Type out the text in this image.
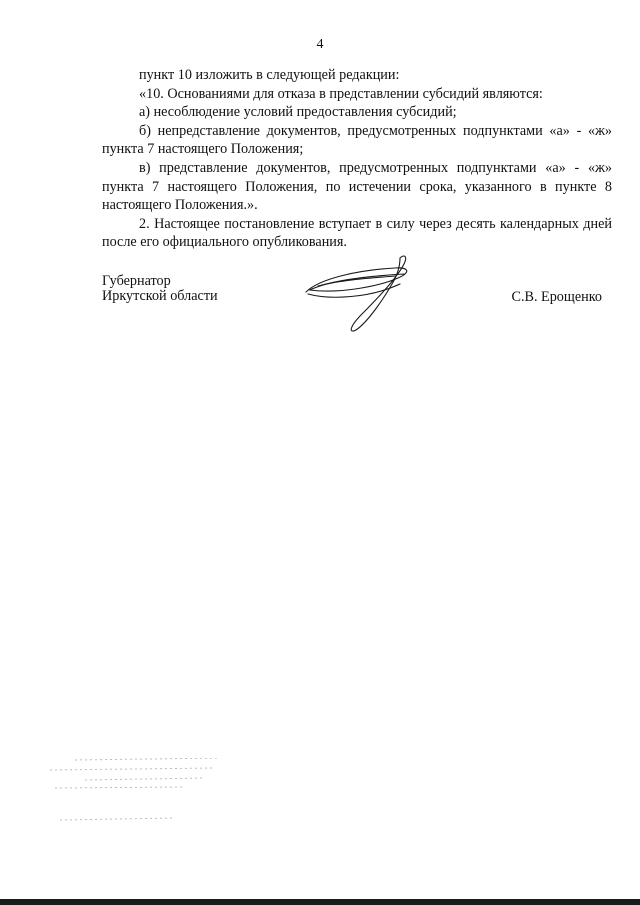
4

пункт 10 изложить в следующей редакции:

«10. Основаниями для отказа в представлении субсидий являются:

а) несоблюдение условий предоставления субсидий;

б) непредставление документов, предусмотренных подпунктами «а» - «ж» пункта 7 настоящего Положения;

в) представление документов, предусмотренных подпунктами «а» - «ж» пункта 7 настоящего Положения, по истечении срока, указанного в пункте 8 настоящего Положения.».

2. Настоящее постановление вступает в силу через десять календарных дней после его официального опубликования.

Губернатор
Иркутской области	С.В. Ерощенко
